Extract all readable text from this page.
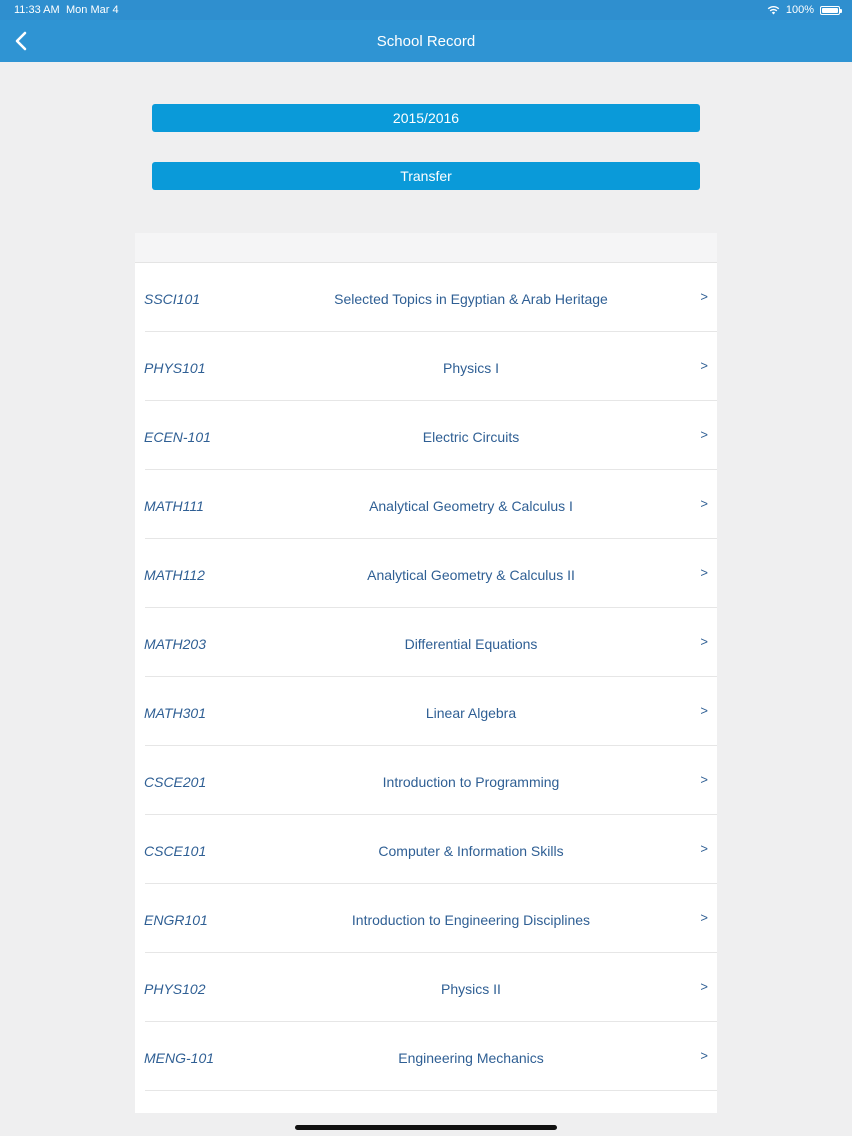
11:33 AM Mon Mar 4	100%
School Record
2015/2016
Transfer
SSCI101	Selected Topics in Egyptian & Arab Heritage	>
PHYS101	Physics I	>
ECEN-101	Electric Circuits	>
MATH111	Analytical Geometry & Calculus I	>
MATH112	Analytical Geometry & Calculus II	>
MATH203	Differential Equations	>
MATH301	Linear Algebra	>
CSCE201	Introduction to Programming	>
CSCE101	Computer & Information Skills	>
ENGR101	Introduction to Engineering Disciplines	>
PHYS102	Physics II	>
MENG-101	Engineering Mechanics	>
